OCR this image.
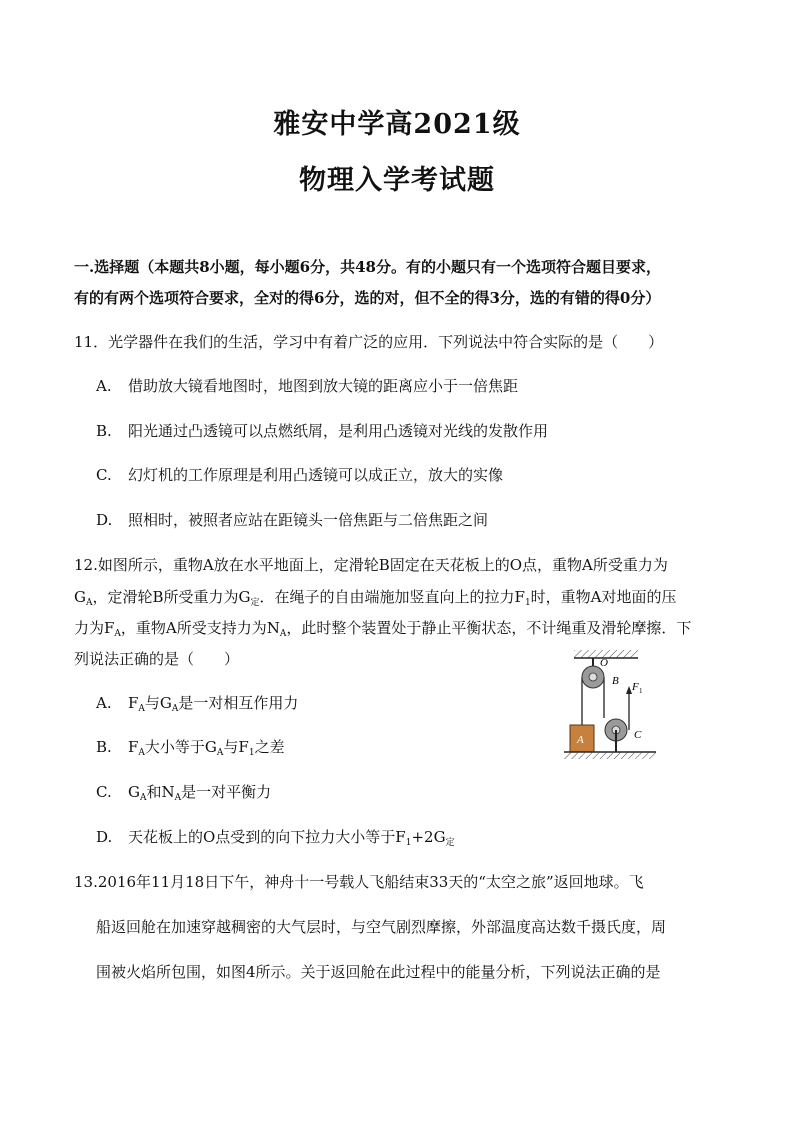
雅安中学高2021级
物理入学考试题
一.选择题（本题共8小题，每小题6分，共48分。有的小题只有一个选项符合题目要求，
有的有两个选项符合要求，全对的得6分，选的对，但不全的得3分，选的有错的得0分）
11．光学器件在我们的生活，学习中有着广泛的应用．下列说法中符合实际的是（　　）
A. 借助放大镜看地图时，地图到放大镜的距离应小于一倍焦距
B. 阳光通过凸透镜可以点燃纸屑，是利用凸透镜对光线的发散作用
C. 幻灯机的工作原理是利用凸透镜可以成正立，放大的实像
D. 照相时，被照者应站在距镜头一倍焦距与二倍焦距之间
12.如图所示，重物A放在水平地面上，定滑轮B固定在天花板上的O点，重物A所受重力为
$G_A$，定滑轮B所受重力为$G_定$．在绳子的自由端施加竖直向上的拉力$F_1$时，重物A对地面的压
力为$F_A$，重物A所受支持力为$N_A$，此时整个装置处于静止平衡状态，不计绳重及滑轮摩擦．下
列说法正确的是（　　）
A. $F_A$与$G_A$是一对相互作用力
B. $F_A$大小等于$G_A$与$F_1$之差
C. $G_A$和$N_A$是一对平衡力
D. 天花板上的O点受到的向下拉力大小等于$F_1+2G_定$
O
B F 1
C
A
13.2016年11月18日下午，神舟十一号载人飞船结束33天的“太空之旅”返回地球。飞
船返回舱在加速穿越稠密的大气层时，与空气剧烈摩擦，外部温度高达数千摄氏度，周
围被火焰所包围，如图4所示。关于返回舱在此过程中的能量分析，下列说法正确的是
